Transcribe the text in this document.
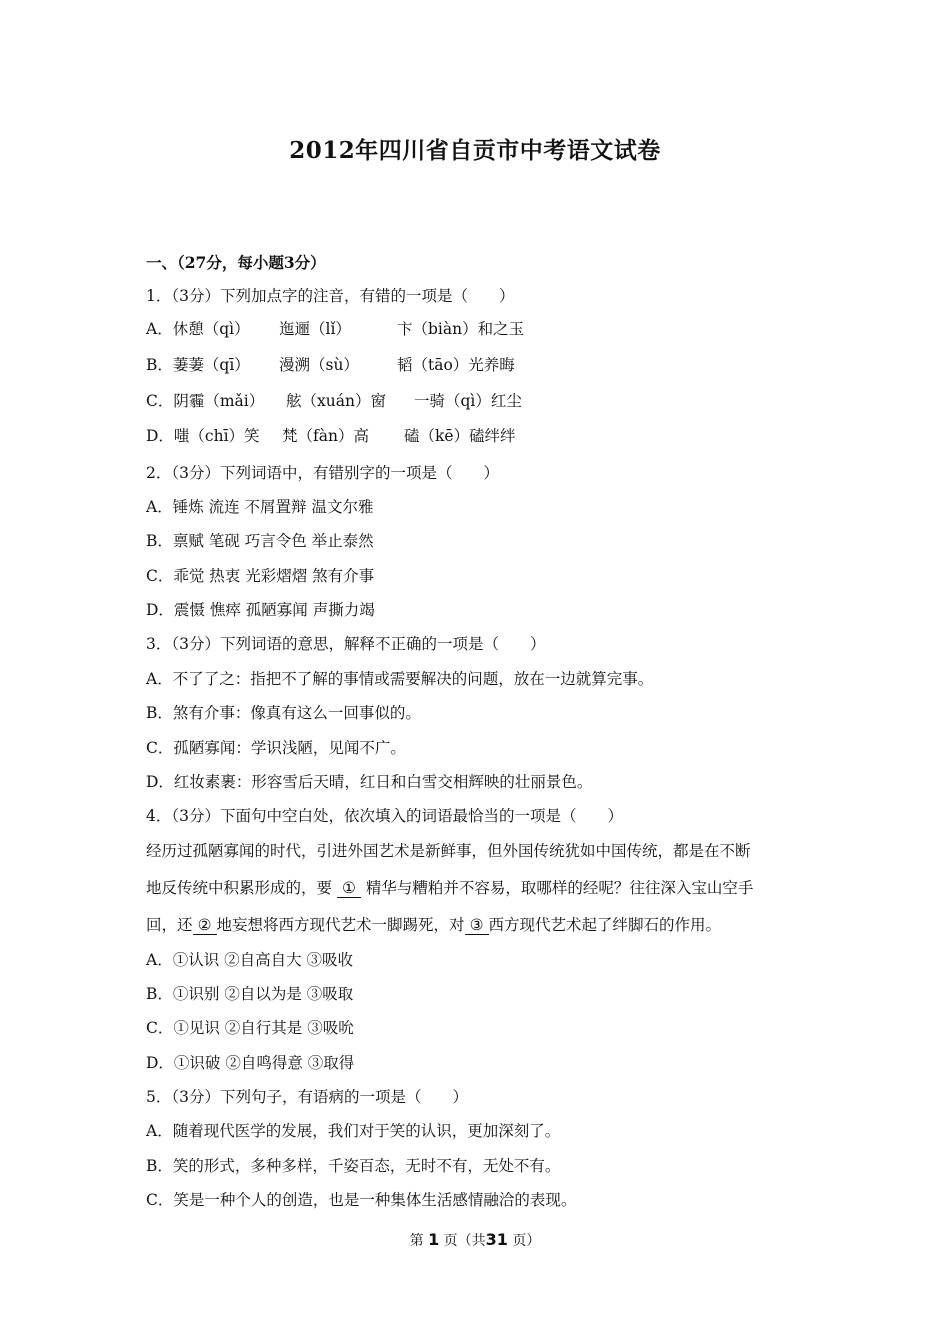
2012年四川省自贡市中考语文试卷
一、（27分，每小题3分）
1．（3分）下列加点字的注音，有错的一项是（　　）
A．休憩（qì） 迤逦（lǐ）	卞（biàn）和之玉
B．萋萋（qī） 漫溯（sù） 韬（tāo）光养晦
C．阴霾（mǎi） 舷（xuán）窗 一骑（qì）红尘
D．嗤（chī）笑 梵（fàn）高 磕（kē）磕绊绊
2．（3分）下列词语中，有错别字的一项是（　　）
A．锤炼 流连 不屑置辩 温文尔雅
B．禀赋 笔砚 巧言令色 举止泰然
C．乖觉 热衷 光彩熠熠 煞有介事
D．震慑 憔瘁 孤陋寡闻 声撕力竭
3．（3分）下列词语的意思，解释不正确的一项是（　　）
A．不了了之：指把不了解的事情或需要解决的问题，放在一边就算完事。
B．煞有介事：像真有这么一回事似的。
C．孤陋寡闻：学识浅陋，见闻不广。
D．红妆素裹：形容雪后天晴，红日和白雪交相辉映的壮丽景色。
4．（3分）下面句中空白处，依次填入的词语最恰当的一项是（　　）
经历过孤陋寡闻的时代，引进外国艺术是新鲜事，但外国传统犹如中国传统，都是在不断
地反传统中积累形成的，要 ① 精华与糟粕并不容易，取哪样的经呢？往往深入宝山空手
回，还 ② 地妄想将西方现代艺术一脚踢死，对 ③ 西方现代艺术起了绊脚石的作用。
A．①认识 ②自高自大 ③吸收
B．①识别 ②自以为是 ③吸取
C．①见识 ②自行其是 ③吸吮
D．①识破 ②自鸣得意 ③取得
5．（3分）下列句子，有语病的一项是（　　）
A．随着现代医学的发展，我们对于笑的认识，更加深刻了。
B．笑的形式，多种多样，千姿百态，无时不有，无处不有。
C．笑是一种个人的创造，也是一种集体生活感情融洽的表现。
第 1 页（共31 页）
